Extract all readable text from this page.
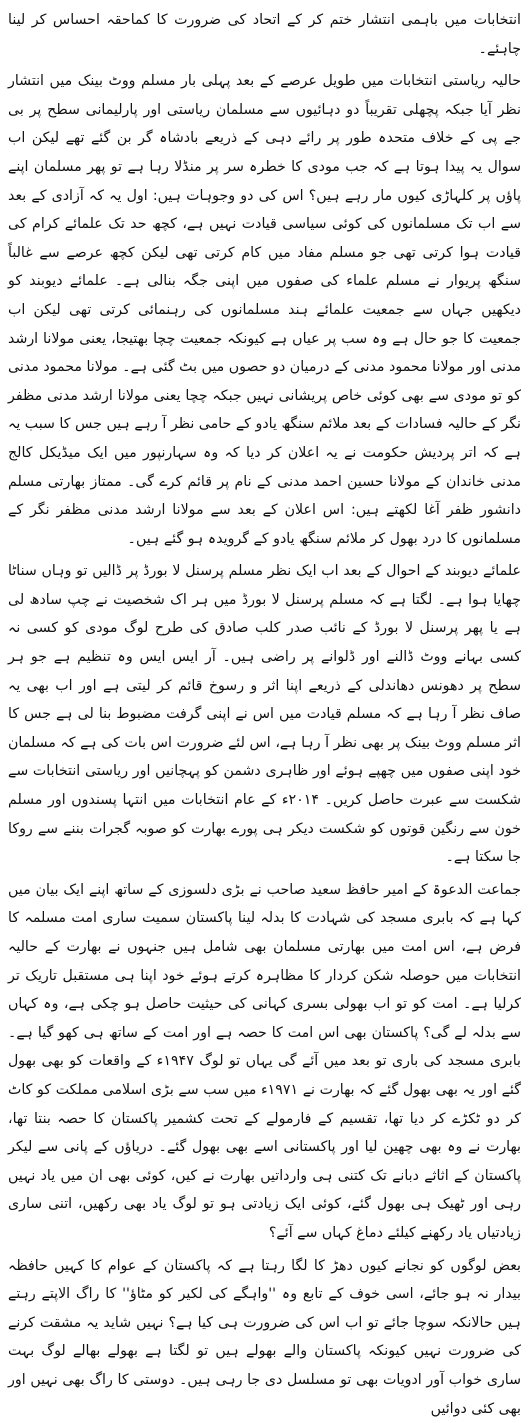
انتخابات میں باہمی انتشار ختم کر کے اتحاد کی ضرورت کا کماحقہ احساس کر لینا چاہئے۔

حالیہ ریاستی انتخابات میں طویل عرصے کے بعد پہلی بار مسلم ووٹ بینک میں انتشار نظر آیا جبکہ پچھلی تقریباً دو دہائیوں سے مسلمان ریاستی اور پارلیمانی سطح پر بی جے پی کے خلاف متحدہ طور پر رائے دہی کے ذریعے بادشاہ گر بن گئے تھے لیکن اب سوال یہ پیدا ہوتا ہے کہ جب مودی کا خطرہ سر پر منڈلا رہا ہے تو پھر مسلمان اپنے پاؤں پر کلہاڑی کیوں مار رہے ہیں؟ اس کی دو وجوہات ہیں: اول یہ کہ آزادی کے بعد سے اب تک مسلمانوں کی کوئی سیاسی قیادت نہیں ہے، کچھ حد تک علمائے کرام کی قیادت ہوا کرتی تھی جو مسلم مفاد میں کام کرتی تھی لیکن کچھ عرصے سے غالباً سنگھ پریوار نے مسلم علماء کی صفوں میں اپنی جگہ بنالی ہے۔ علمائے دیوبند کو دیکھیں جہاں سے جمعیت علمائے ہند مسلمانوں کی رہنمائی کرتی تھی لیکن اب جمعیت کا جو حال ہے وہ سب پر عیاں ہے کیونکہ جمعیت چچا بھتیجا، یعنی مولانا ارشد مدنی اور مولانا محمود مدنی کے درمیان دو حصوں میں بٹ گئی ہے۔ مولانا محمود مدنی کو تو مودی سے بھی کوئی خاص پریشانی نہیں جبکہ چچا یعنی مولانا ارشد مدنی مظفر نگر کے حالیہ فسادات کے بعد ملائم سنگھ یادو کے حامی نظر آ رہے ہیں جس کا سبب یہ ہے کہ اتر پردیش حکومت نے یہ اعلان کر دیا کہ وہ سہارنپور میں ایک میڈیکل کالج مدنی خاندان کے مولانا حسین احمد مدنی کے نام پر قائم کرے گی۔ ممتاز بھارتی مسلم دانشور ظفر آغا لکھتے ہیں: اس اعلان کے بعد سے مولانا ارشد مدنی مظفر نگر کے مسلمانوں کا درد بھول کر ملائم سنگھ یادو کے گرویدہ ہو گئے ہیں۔

علمائے دیوبند کے احوال کے بعد اب ایک نظر مسلم پرسنل لا بورڈ پر ڈالیں تو وہاں سناٹا چھایا ہوا ہے۔ لگتا ہے کہ مسلم پرسنل لا بورڈ میں ہر اک شخصیت نے چپ سادھ لی ہے یا پھر پرسنل لا بورڈ کے نائب صدر کلب صادق کی طرح لوگ مودی کو کسی نہ کسی بہانے ووٹ ڈالنے اور ڈلوانے پر راضی ہیں۔ آر ایس ایس وہ تنظیم ہے جو ہر سطح پر دھونس دھاندلی کے ذریعے اپنا اثر و رسوخ قائم کر لیتی ہے اور اب بھی یہ صاف نظر آ رہا ہے کہ مسلم قیادت میں اس نے اپنی گرفت مضبوط بنا لی ہے جس کا اثر مسلم ووٹ بینک پر بھی نظر آ رہا ہے، اس لئے ضرورت اس بات کی ہے کہ مسلمان خود اپنی صفوں میں چھپے ہوئے اور ظاہری دشمن کو پہچانیں اور ریاستی انتخابات سے شکست سے عبرت حاصل کریں۔ ۲۰۱۴ء کے عام انتخابات میں انتہا پسندوں اور مسلم خون سے رنگین قوتوں کو شکست دیکر ہی پورے بھارت کو صوبہ گجرات بننے سے روکا جا سکتا ہے۔

جماعت الدعوۃ کے امیر حافظ سعید صاحب نے بڑی دلسوزی کے ساتھ اپنے ایک بیان میں کہا ہے کہ بابری مسجد کی شہادت کا بدلہ لینا پاکستان سمیت ساری امت مسلمہ کا فرض ہے، اس امت میں بھارتی مسلمان بھی شامل ہیں جنہوں نے بھارت کے حالیہ انتخابات میں حوصلہ شکن کردار کا مظاہرہ کرتے ہوئے خود اپنا ہی مستقبل تاریک تر کرلیا ہے۔ امت کو تو اب بھولی بسری کہانی کی حیثیت حاصل ہو چکی ہے، وہ کہاں سے بدلہ لے گی؟ پاکستان بھی اس امت کا حصہ ہے اور امت کے ساتھ ہی کھو گیا ہے۔ بابری مسجد کی باری تو بعد میں آئے گی یہاں تو لوگ ۱۹۴۷ء کے واقعات کو بھی بھول گئے اور یہ بھی بھول گئے کہ بھارت نے ۱۹۷۱ء میں سب سے بڑی اسلامی مملکت کو کاٹ کر دو ٹکڑے کر دیا تھا، تقسیم کے فارمولے کے تحت کشمیر پاکستان کا حصہ بنتا تھا، بھارت نے وہ بھی چھین لیا اور پاکستانی اسے بھی بھول گئے۔ دریاؤں کے پانی سے لیکر پاکستان کے اثاثے دبانے تک کتنی ہی وارداتیں بھارت نے کیں، کوئی بھی ان میں یاد نہیں رہی اور ٹھیک ہی بھول گئے، کوئی ایک زیادتی ہو تو لوگ یاد بھی رکھیں، اتنی ساری زیادتیاں یاد رکھنے کیلئے دماغ کہاں سے آئے؟

بعض لوگوں کو نجانے کیوں دھڑ کا لگا رہتا ہے کہ پاکستان کے عوام کا کہیں حافظہ بیدار نہ ہو جائے، اسی خوف کے تابع وہ ''واہگے کی لکیر کو مٹاؤ'' کا راگ الاپتے رہتے ہیں حالانکہ سوچا جائے تو اب اس کی ضرورت ہی کیا ہے؟ نہیں شاید یہ مشقت کرنے کی ضرورت نہیں کیونکہ پاکستان والے بھولے ہیں تو لگتا ہے بھولے بھالے لوگ بہت ساری خواب آور ادویات بھی تو مسلسل دی جا رہی ہیں۔ دوستی کا راگ بھی نہیں اور بھی کئی دوائیں
